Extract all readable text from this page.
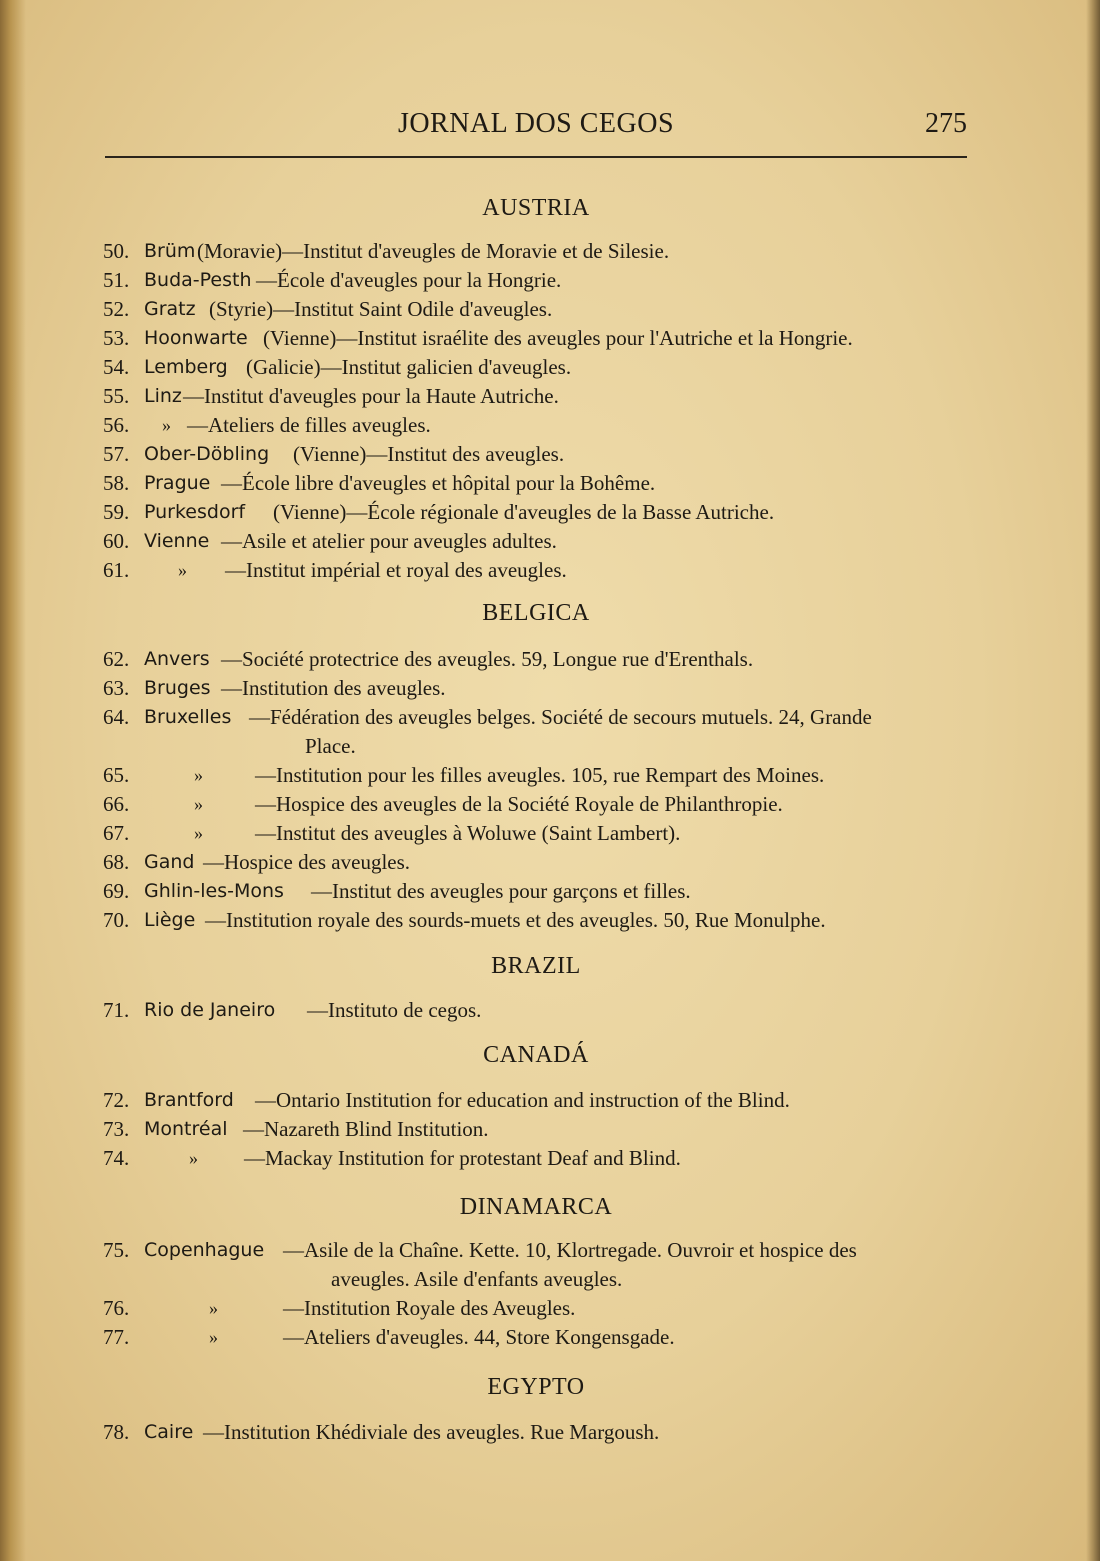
JORNAL DOS CEGOS	275
AUSTRIA
50. Brüm (Moravie)—Institut d'aveugles de Moravie et de Silesie.
51. Buda-Pesth —École d'aveugles pour la Hongrie.
52. Gratz (Styrie)—Institut Saint Odile d'aveugles.
53. Hoonwarte (Vienne)—Institut israélite des aveugles pour l'Autriche et la Hongrie.
54. Lemberg (Galicie)—Institut galicien d'aveugles.
55. Linz —Institut d'aveugles pour la Haute Autriche.
56. » —Ateliers de filles aveugles.
57. Ober-Döbling (Vienne)—Institut des aveugles.
58. Prague —École libre d'aveugles et hôpital pour la Bohême.
59. Purkesdorf (Vienne)—École régionale d'aveugles de la Basse Autriche.
60. Vienne —Asile et atelier pour aveugles adultes.
61.	» —Institut impérial et royal des aveugles.
BELGICA
62. Anvers —Société protectrice des aveugles. 59, Longue rue d'Erenthals.
63. Bruges —Institution des aveugles.
64. Bruxelles —Fédération des aveugles belges. Société de secours mutuels. 24, Grande
Place.
65.	» —Institution pour les filles aveugles. 105, rue Rempart des Moines.
66.	» —Hospice des aveugles de la Société Royale de Philanthropie.
67.	» —Institut des aveugles à Woluwe (Saint Lambert).
68. Gand —Hospice des aveugles.
69. Ghlin-les-Mons —Institut des aveugles pour garçons et filles.
70. Liège —Institution royale des sourds-muets et des aveugles. 50, Rue Monulphe.
BRAZIL
71. Rio de Janeiro —Instituto de cegos.
CANADÁ
72. Brantford —Ontario Institution for education and instruction of the Blind.
73. Montréal —Nazareth Blind Institution.
74.	» —Mackay Institution for protestant Deaf and Blind.
DINAMARCA
75. Copenhague —Asile de la Chaîne. Kette. 10, Klortregade. Ouvroir et hospice des
aveugles. Asile d'enfants aveugles.
76.	»	—Institution Royale des Aveugles.
77.	»	—Ateliers d'aveugles. 44, Store Kongensgade.
EGYPTO
78. Caire —Institution Khédiviale des aveugles. Rue Margoush.
